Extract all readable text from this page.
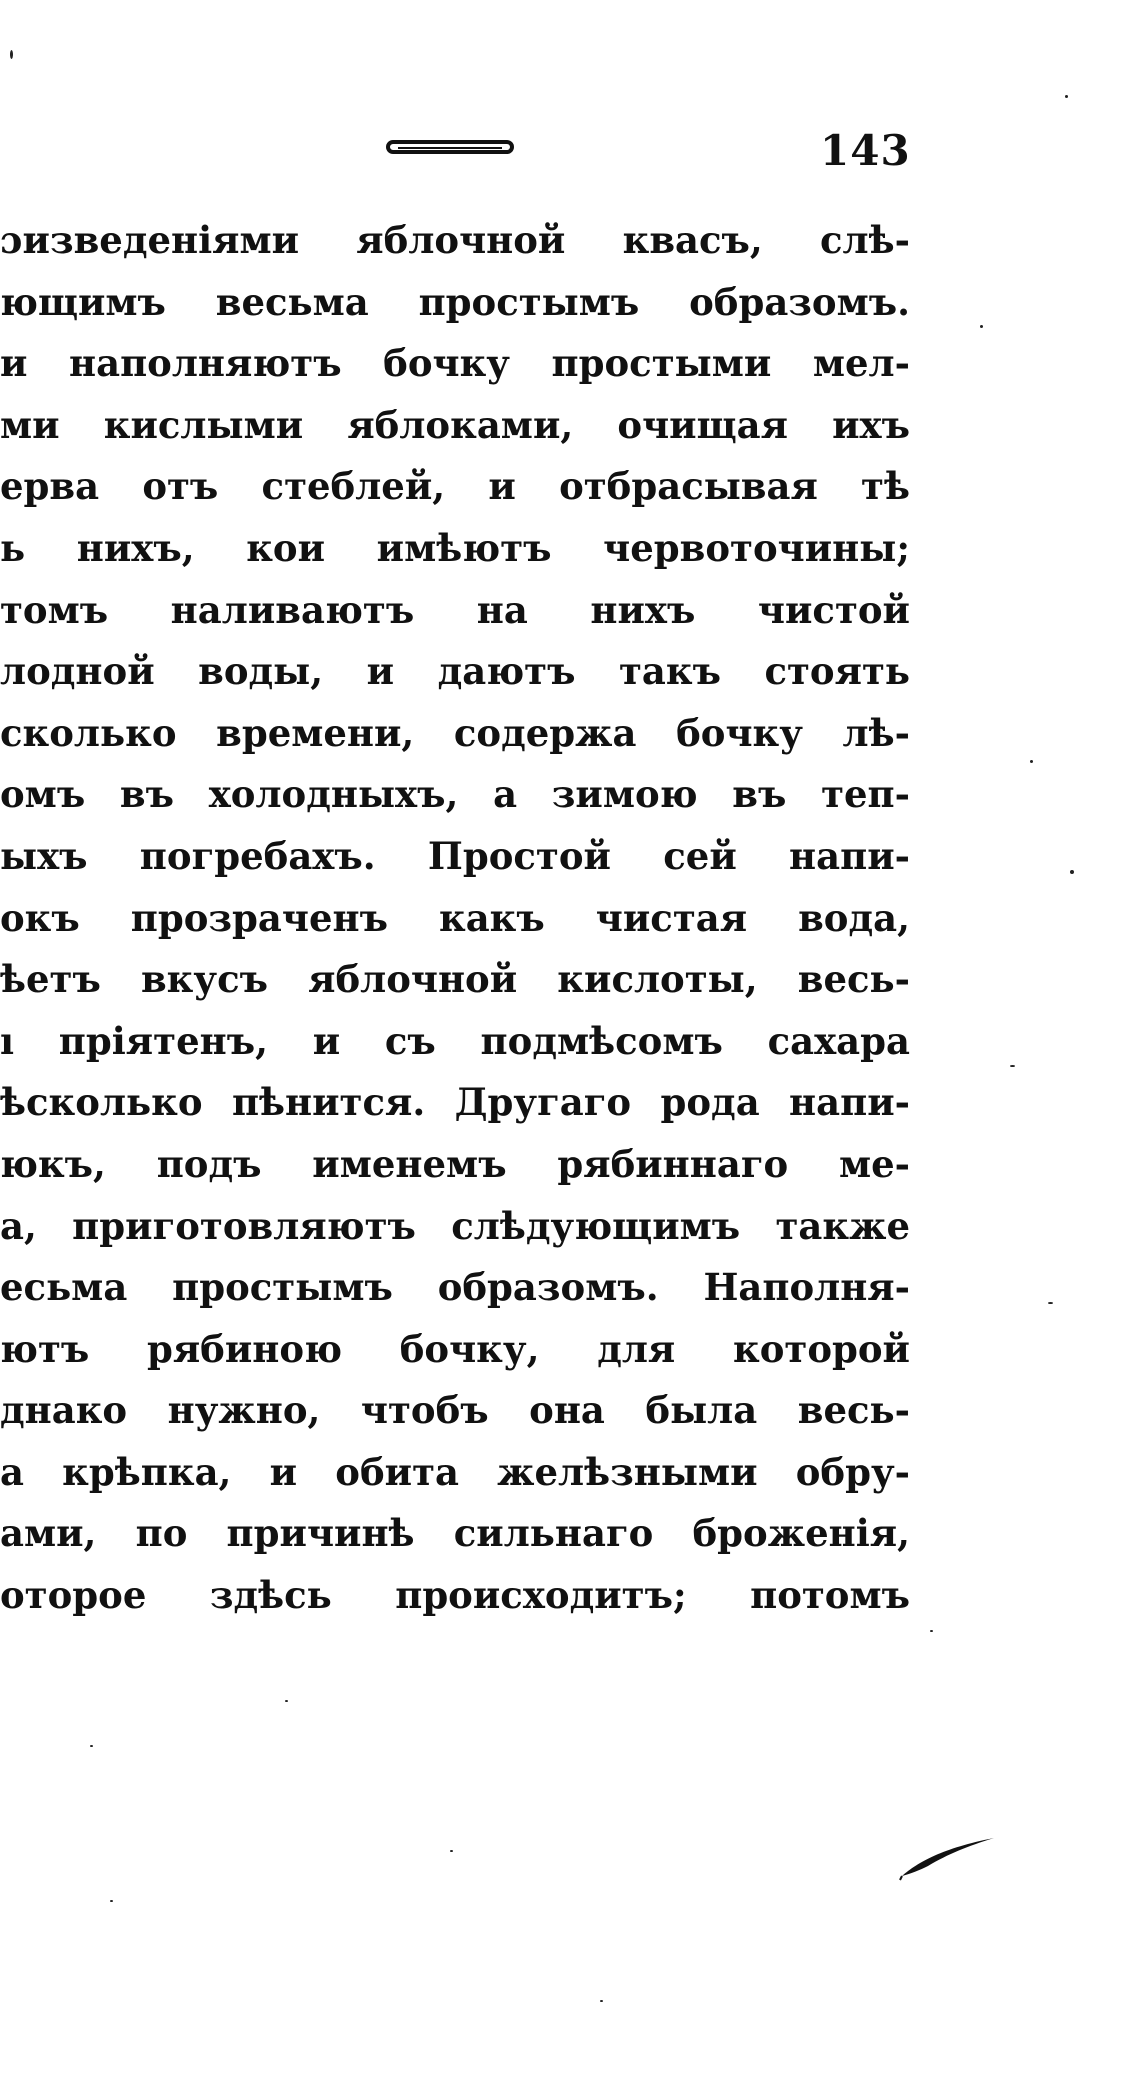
143
ɔизведенiями яблочной квасъ, слѣ-
ющимъ весьма простымъ образомъ.
и наполняютъ бочку простыми мел-
ми кислыми яблоками, очищая ихъ
ерва отъ стеблей, и отбрасывая тѣ
ь нихъ, кои имѣютъ червоточины;
томъ наливаютъ на нихъ чистой
лодной воды, и даютъ такъ стоять
сколько времени, содержа бочку лѣ-
омъ въ холодныхъ, а зимою въ теп-
ыхъ погребахъ. Простой сей напи-
окъ прозраченъ какъ чистая вода,
ѣетъ вкусъ яблочной кислоты, весь-
ı прiятенъ, и съ подмѣсомъ сахара
ѣсколько пѣнится. Другаго рода напи-
юкъ, подъ именемъ рябиннаго ме-
а, приготовляютъ слѣдующимъ также
есьма простымъ образомъ. Наполня-
ютъ рябиною бочку, для которой
днако нужно, чтобъ она была весь-
а крѣпка, и обита желѣзными обру-
ами, по причинѣ сильнаго броженiя,
оторое здѣсь происходитъ; потомъ
